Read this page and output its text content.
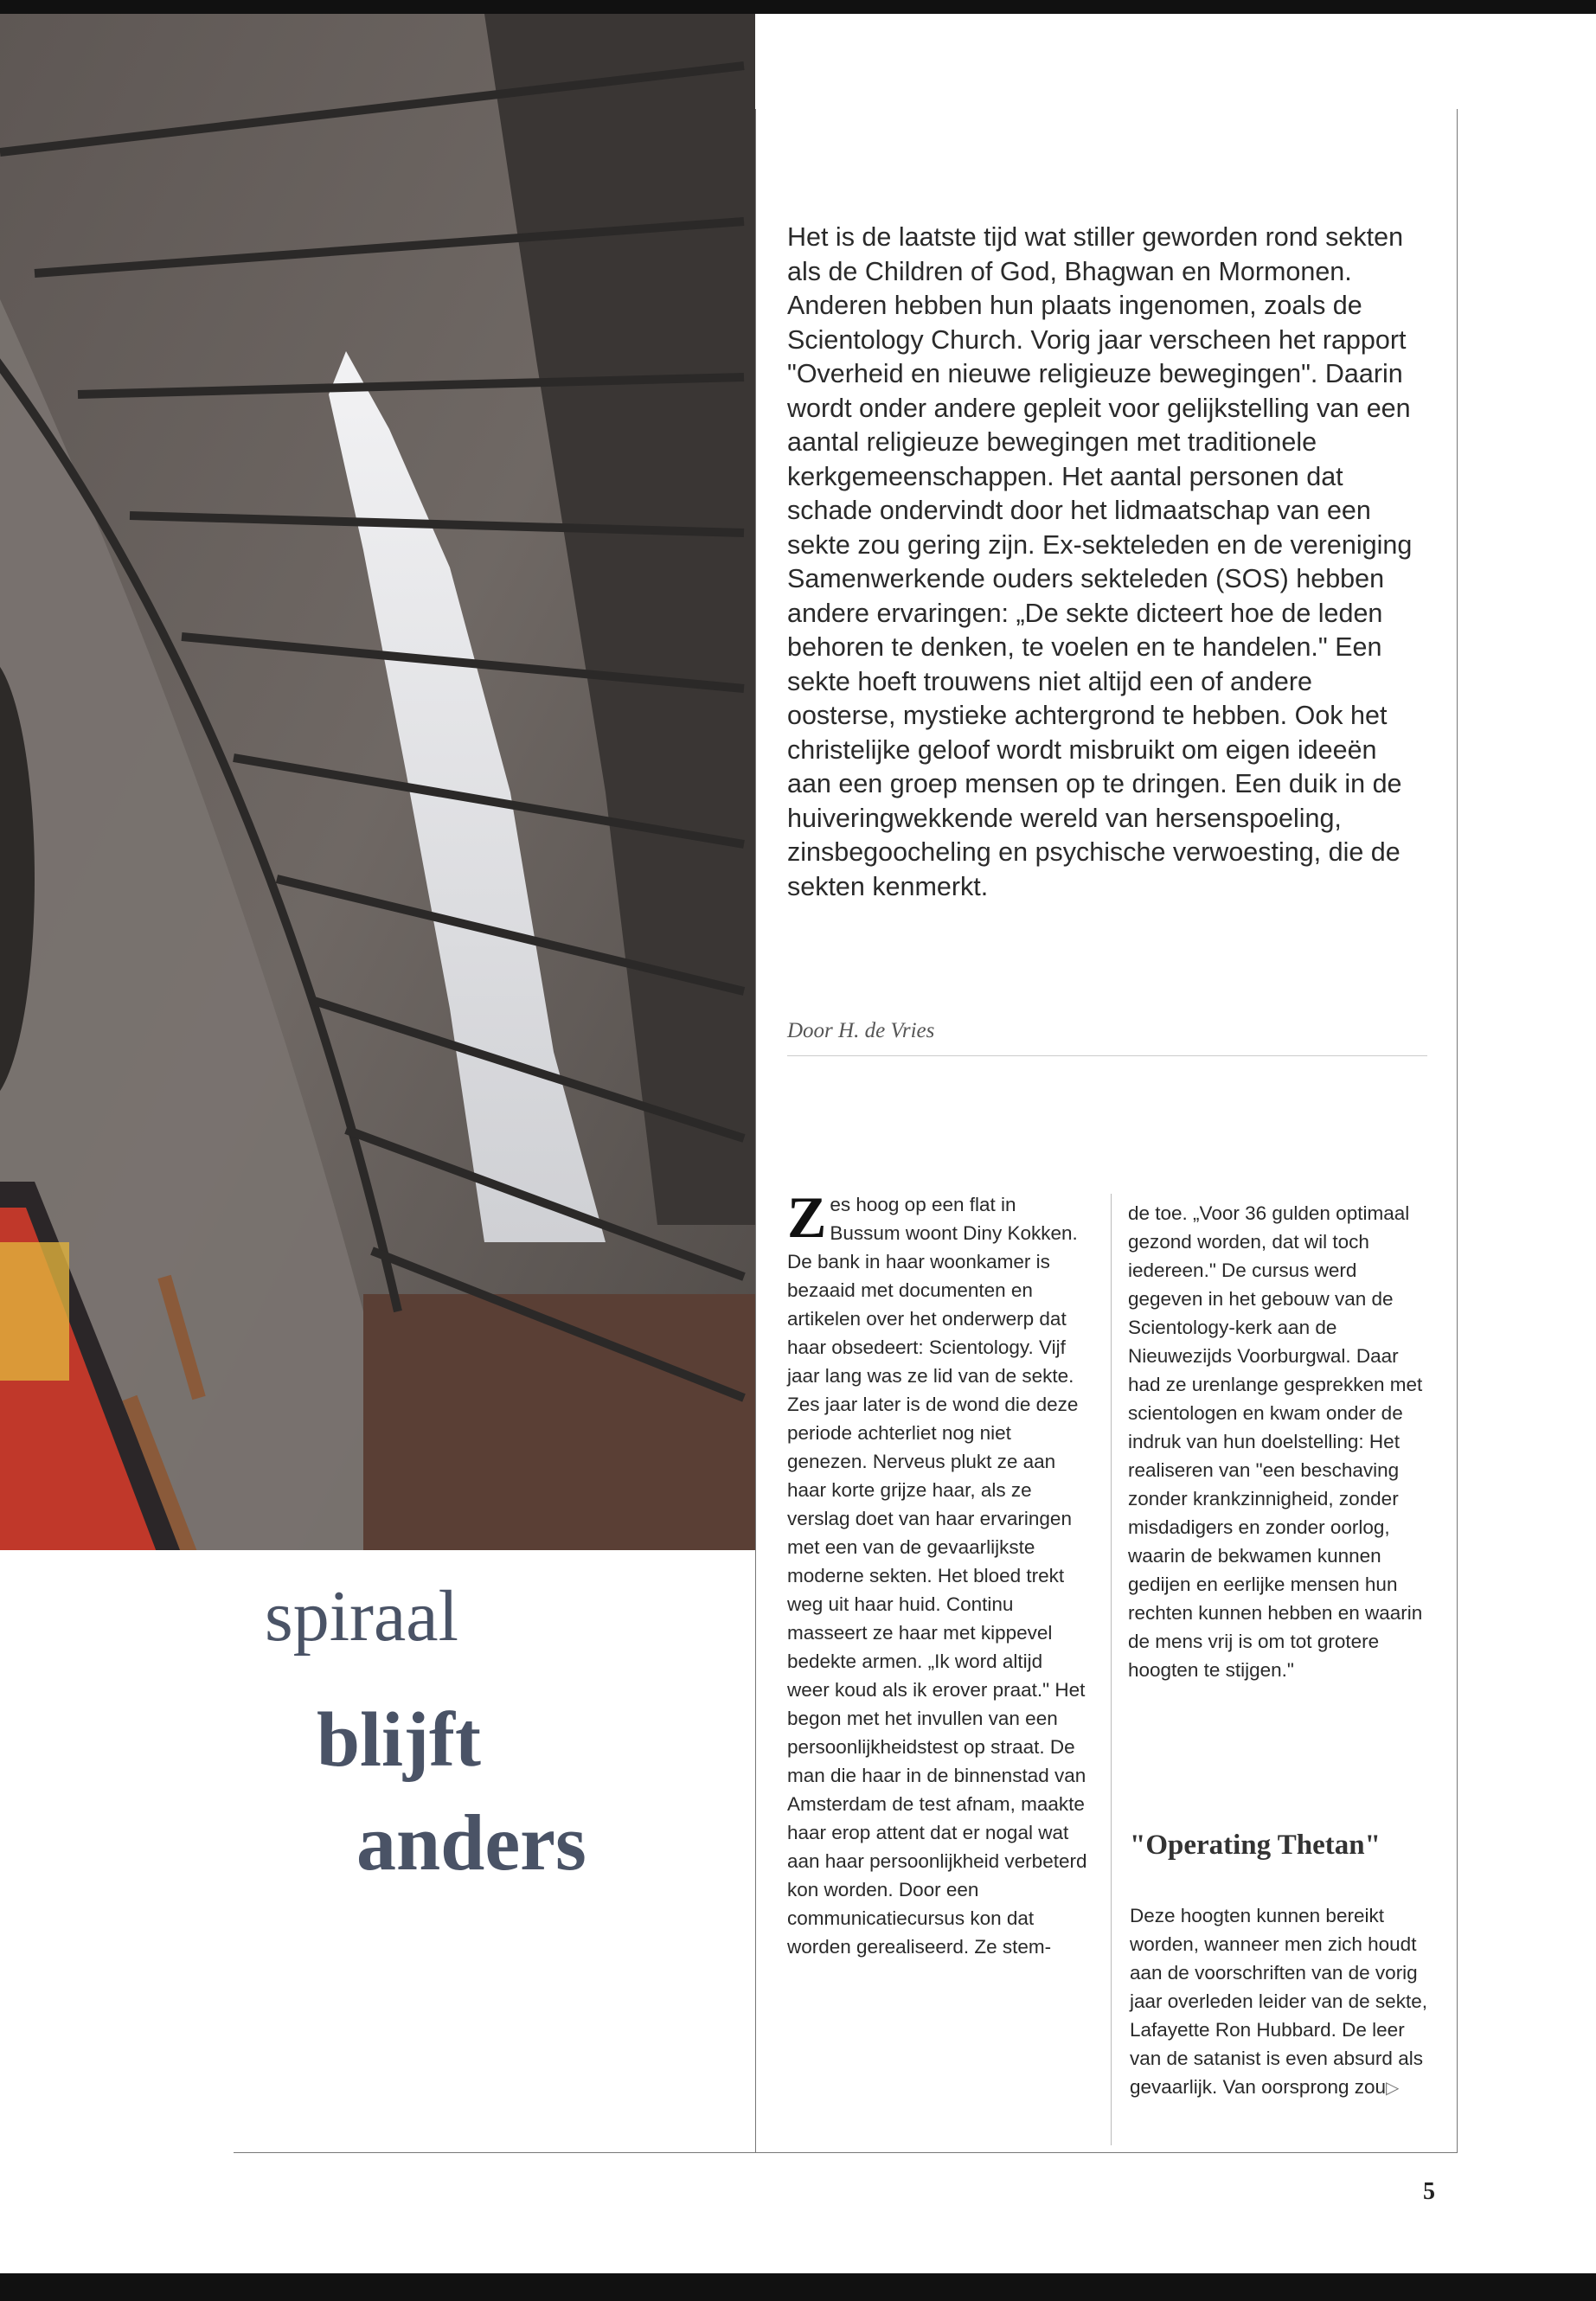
spiraal

blijft

anders

Het is de laatste tijd wat stiller geworden rond sekten als de Children of God, Bhagwan en Mormonen. Anderen hebben hun plaats ingenomen, zoals de Scientology Church. Vorig jaar verscheen het rapport "Overheid en nieuwe religieuze bewegingen". Daarin wordt onder andere gepleit voor gelijkstelling van een aantal religieuze bewegingen met traditionele kerkgemeenschappen. Het aantal personen dat schade ondervindt door het lidmaatschap van een sekte zou gering zijn. Ex-sekteleden en de vereniging Samenwerkende ouders sekteleden (SOS) hebben andere ervaringen: „De sekte dicteert hoe de leden behoren te denken, te voelen en te handelen." Een sekte hoeft trouwens niet altijd een of andere oosterse, mystieke achtergrond te hebben. Ook het christelijke geloof wordt misbruikt om eigen ideeën aan een groep mensen op te dringen. Een duik in de huiveringwekkende wereld van hersenspoeling, zinsbegoocheling en psychische verwoesting, die de sekten kenmerkt.

Door H. de Vries

Zes hoog op een flat in Bussum woont Diny Kokken. De bank in haar woonkamer is bezaaid met documenten en artikelen over het onderwerp dat haar obsedeert: Scientology. Vijf jaar lang was ze lid van de sekte. Zes jaar later is de wond die deze periode achterliet nog niet genezen. Nerveus plukt ze aan haar korte grijze haar, als ze verslag doet van haar ervaringen met een van de gevaarlijkste moderne sekten. Het bloed trekt weg uit haar huid. Continu masseert ze haar met kippevel bedekte armen. „Ik word altijd weer koud als ik erover praat." Het begon met het invullen van een persoonlijkheidstest op straat. De man die haar in de binnenstad van Amsterdam de test afnam, maakte haar erop attent dat er nogal wat aan haar persoonlijkheid verbeterd kon worden. Door een communicatiecursus kon dat worden gerealiseerd. Ze stem-

de toe. „Voor 36 gulden optimaal gezond worden, dat wil toch iedereen." De cursus werd gegeven in het gebouw van de Scientology-kerk aan de Nieuwezijds Voorburgwal. Daar had ze urenlange gesprekken met scientologen en kwam onder de indruk van hun doelstelling: Het realiseren van "een beschaving zonder krankzinnigheid, zonder misdadigers en zonder oorlog, waarin de bekwamen kunnen gedijen en eerlijke mensen hun rechten kunnen hebben en waarin de mens vrij is om tot grotere hoogten te stijgen."

"Operating Thetan"

Deze hoogten kunnen bereikt worden, wanneer men zich houdt aan de voorschriften van de vorig jaar overleden leider van de sekte, Lafayette Ron Hubbard. De leer van de satanist is even absurd als gevaarlijk. Van oorsprong zou▷

5
